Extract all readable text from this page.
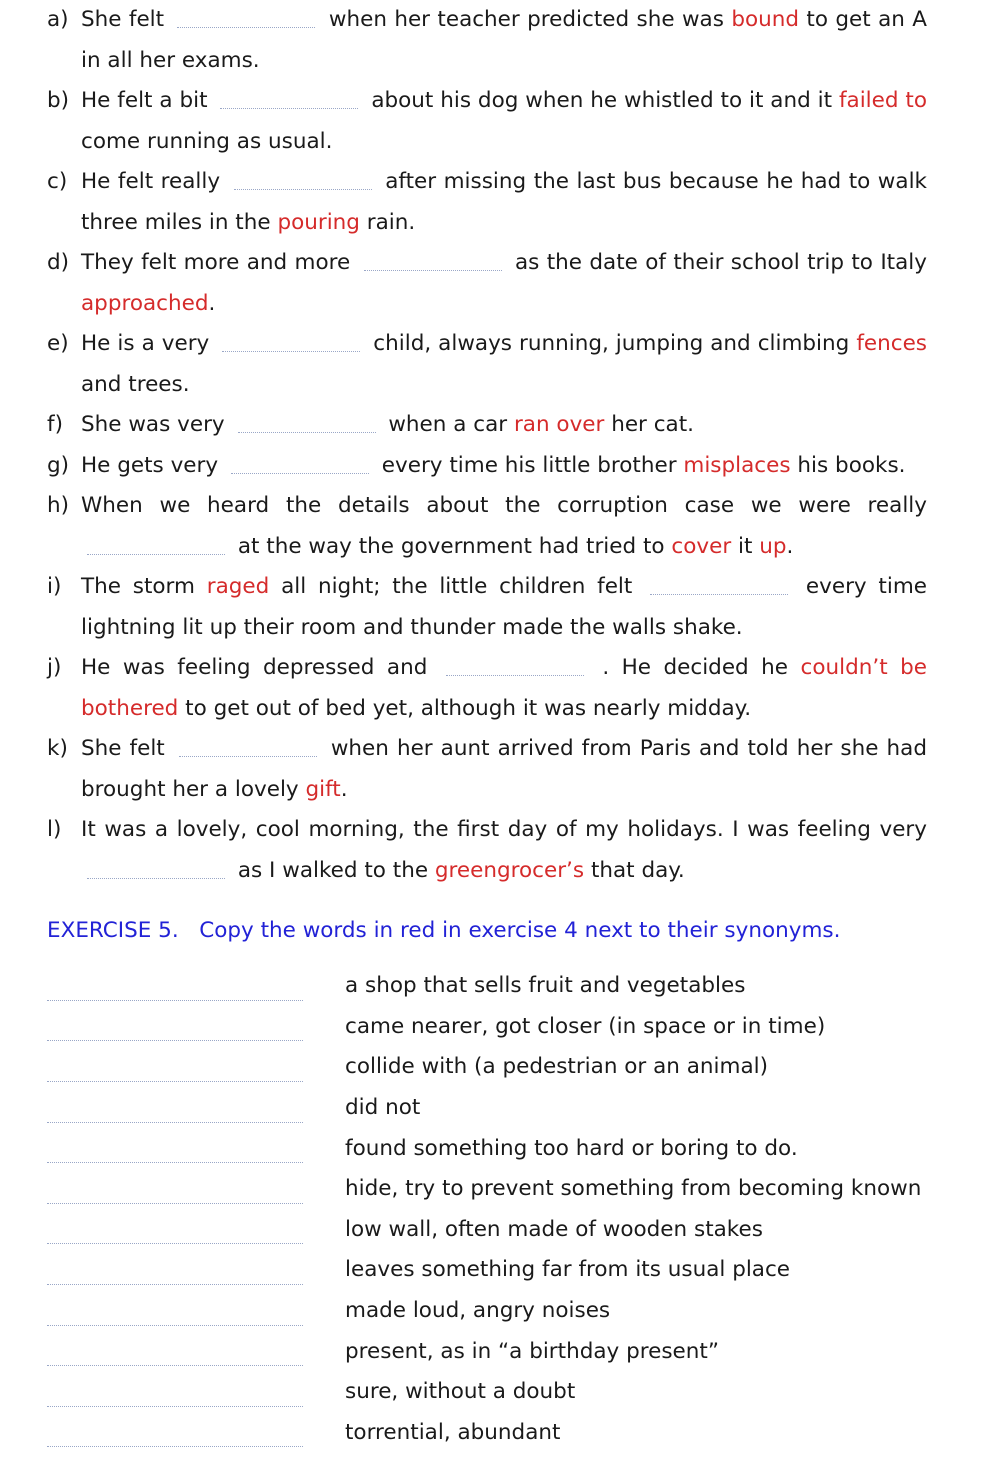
a) She felt	when her teacher predicted she was bound to get an A in all her exams.
b) He felt a bit	about his dog when he whistled to it and it failed to come running as usual.
c) He felt really	after missing the last bus because he had to walk three miles in the pouring rain.
d) They felt more and more	as the date of their school trip to Italy approached.
e) He is a very	child, always running, jumping and climbing fences and trees.
f) She was very	when a car ran over her cat.
g) He gets very	every time his little brother misplaces his books.
h) When we heard the details about the corruption case we were really  at the way the government had tried to cover it up.
i) The storm raged all night; the little children felt	every time lightning lit up their room and thunder made the walls shake.
j) He was feeling depressed and	. He decided he couldn’t be bothered to get out of bed yet, although it was nearly midday.
k) She felt	when her aunt arrived from Paris and told her she had brought her a lovely gift.
l) It was a lovely, cool morning, the first day of my holidays. I was feeling very  as I walked to the greengrocer’s that day.
EXERCISE 5.   Copy the words in red in exercise 4 next to their synonyms.
a shop that sells fruit and vegetables
came nearer, got closer (in space or in time)
collide with (a pedestrian or an animal)
did not
found something too hard or boring to do.
hide, try to prevent something from becoming known
low wall, often made of wooden stakes
leaves something far from its usual place
made loud, angry noises
present, as in “a birthday present”
sure, without a doubt
torrential, abundant
